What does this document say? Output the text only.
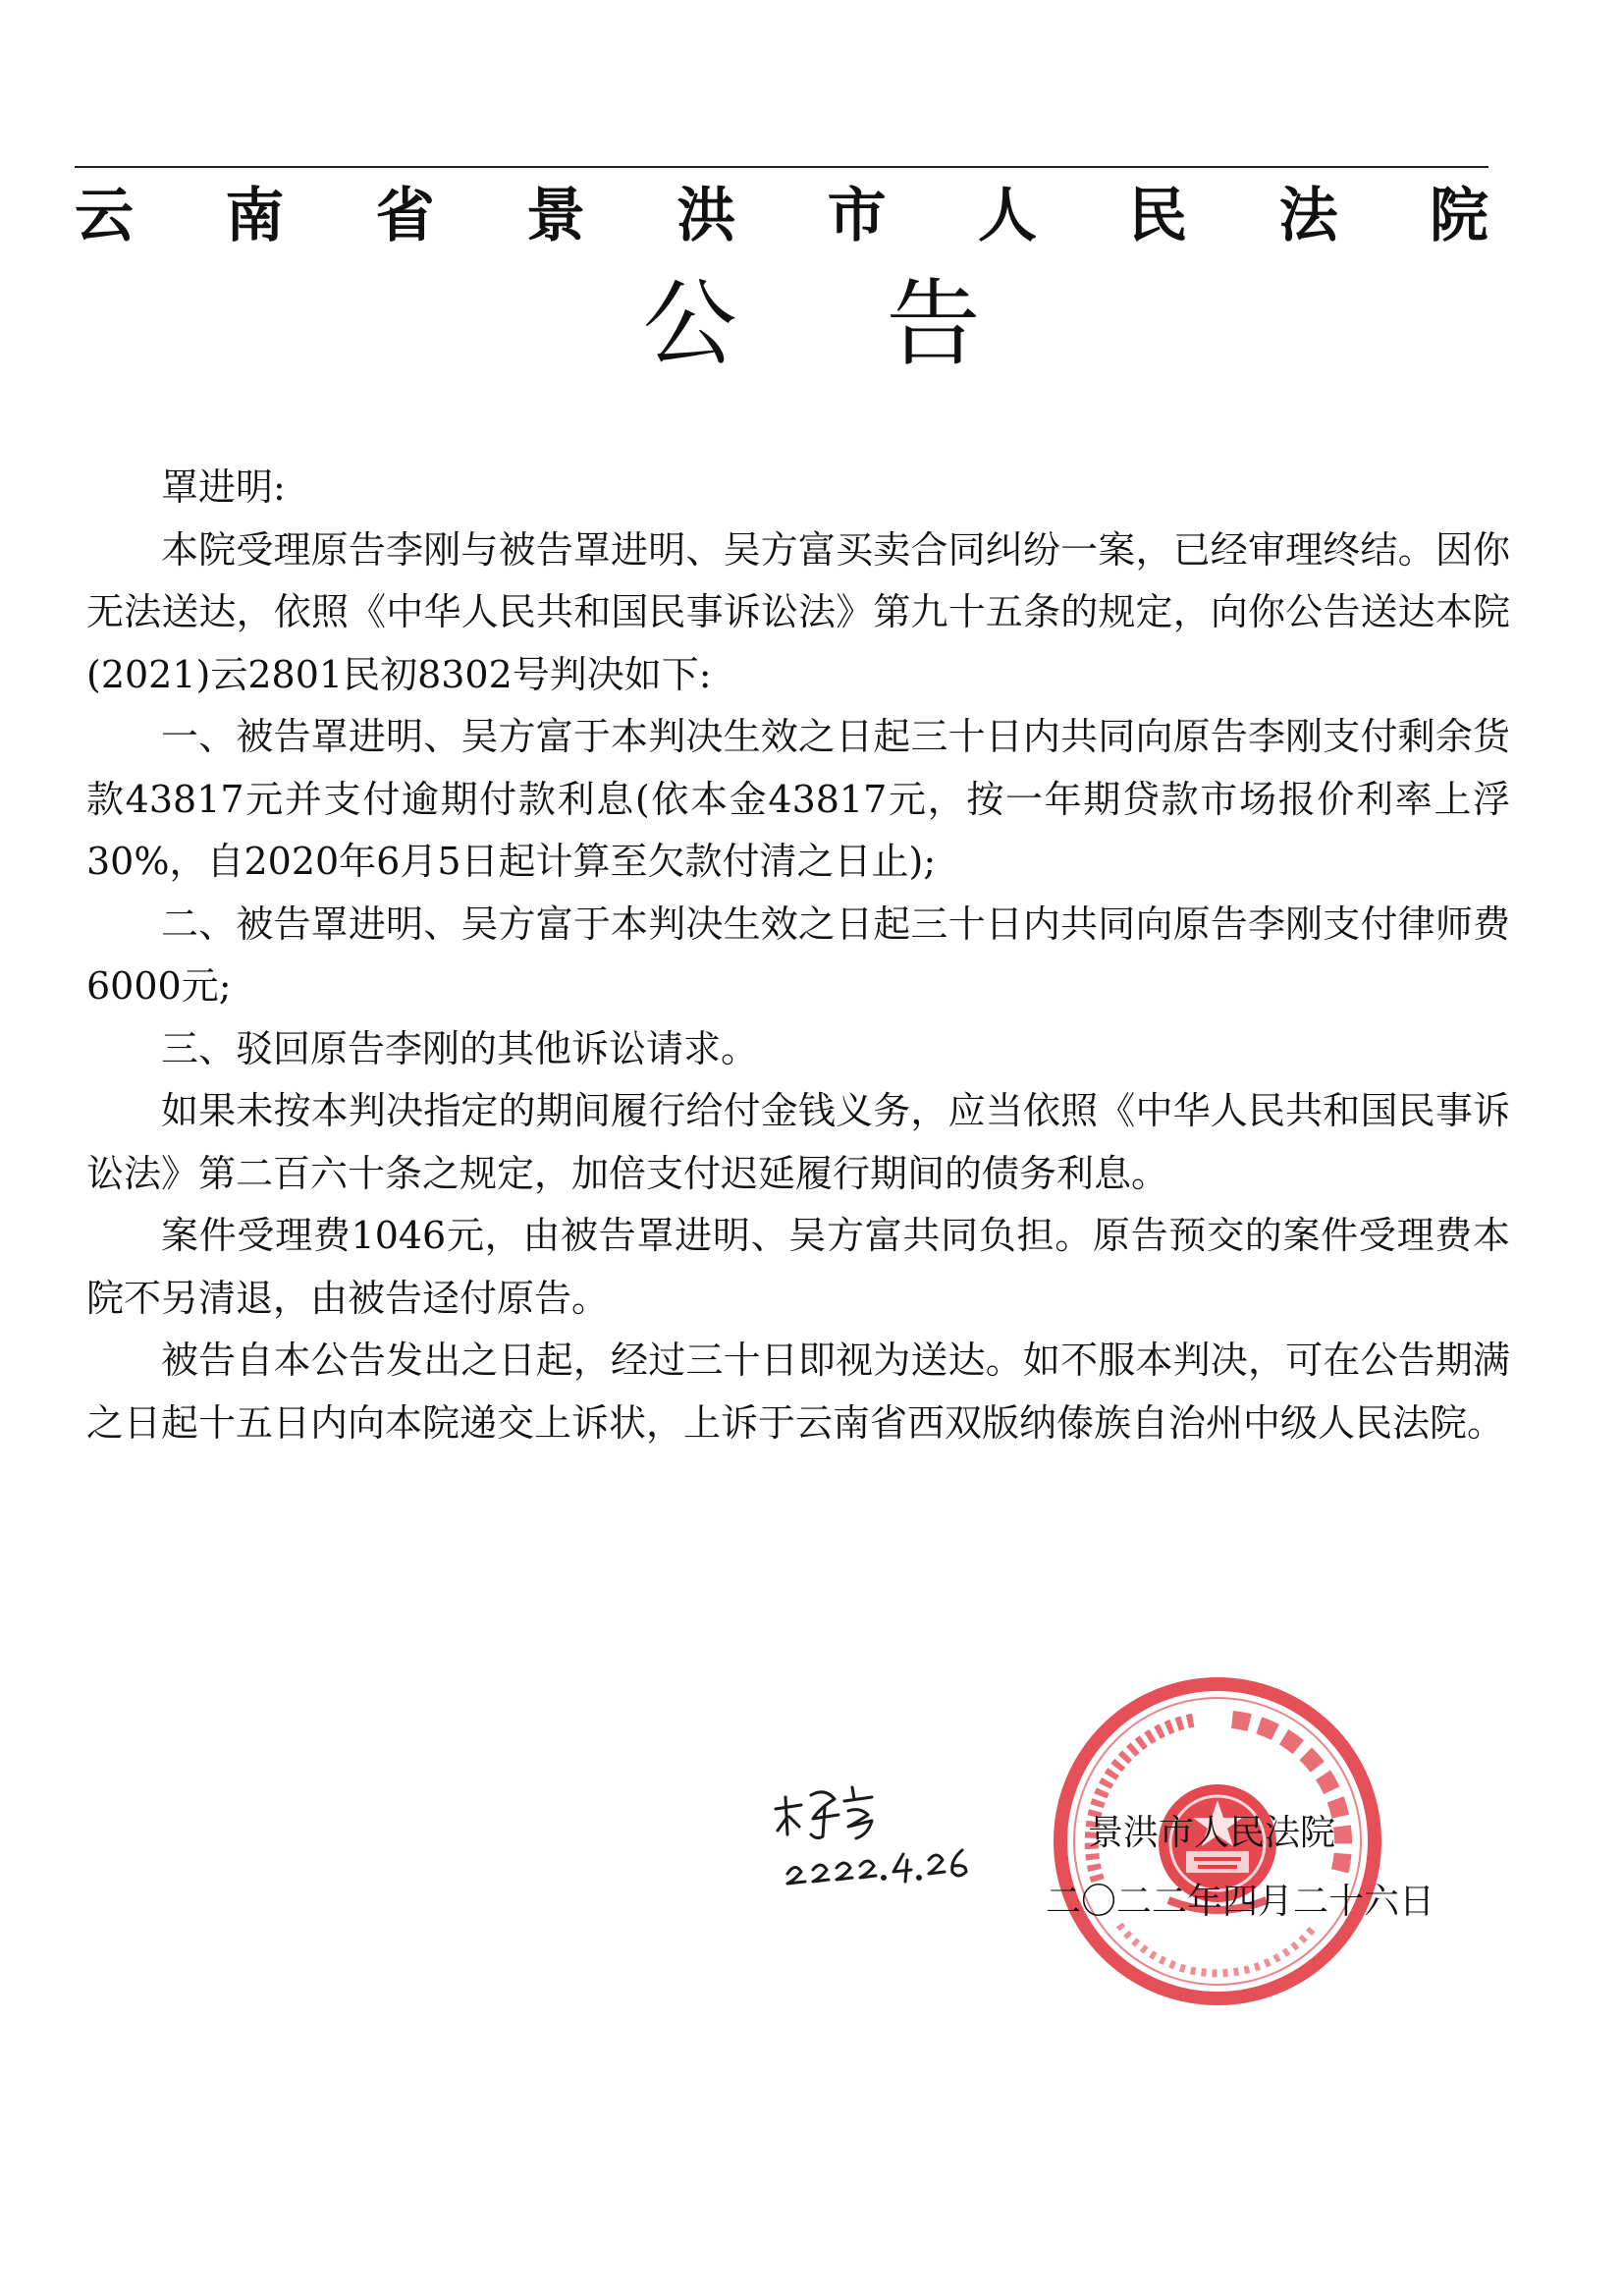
云 南 省 景 洪 市 人 民 法 院
公告

罩进明:

本院受理原告李刚与被告罩进明、吴方富买卖合同纠纷一案，已经审理终结。因你无法送达，依照《中华人民共和国民事诉讼法》第九十五条的规定，向你公告送达本院(2021)云2801民初8302号判决如下:

一、被告罩进明、吴方富于本判决生效之日起三十日内共同向原告李刚支付剩余货款43817元并支付逾期付款利息(依本金43817元，按一年期贷款市场报价利率上浮30%，自2020年6月5日起计算至欠款付清之日止);

二、被告罩进明、吴方富于本判决生效之日起三十日内共同向原告李刚支付律师费6000元;

三、驳回原告李刚的其他诉讼请求。

如果未按本判决指定的期间履行给付金钱义务，应当依照《中华人民共和国民事诉讼法》第二百六十条之规定，加倍支付迟延履行期间的债务利息。

案件受理费1046元，由被告罩进明、吴方富共同负担。原告预交的案件受理费本院不另清退，由被告迳付原告。

被告自本公告发出之日起，经过三十日即视为送达。如不服本判决，可在公告期满之日起十五日内向本院递交上诉状，上诉于云南省西双版纳傣族自治州中级人民法院。

景洪市人民法院
二〇二二年四月二十六日
